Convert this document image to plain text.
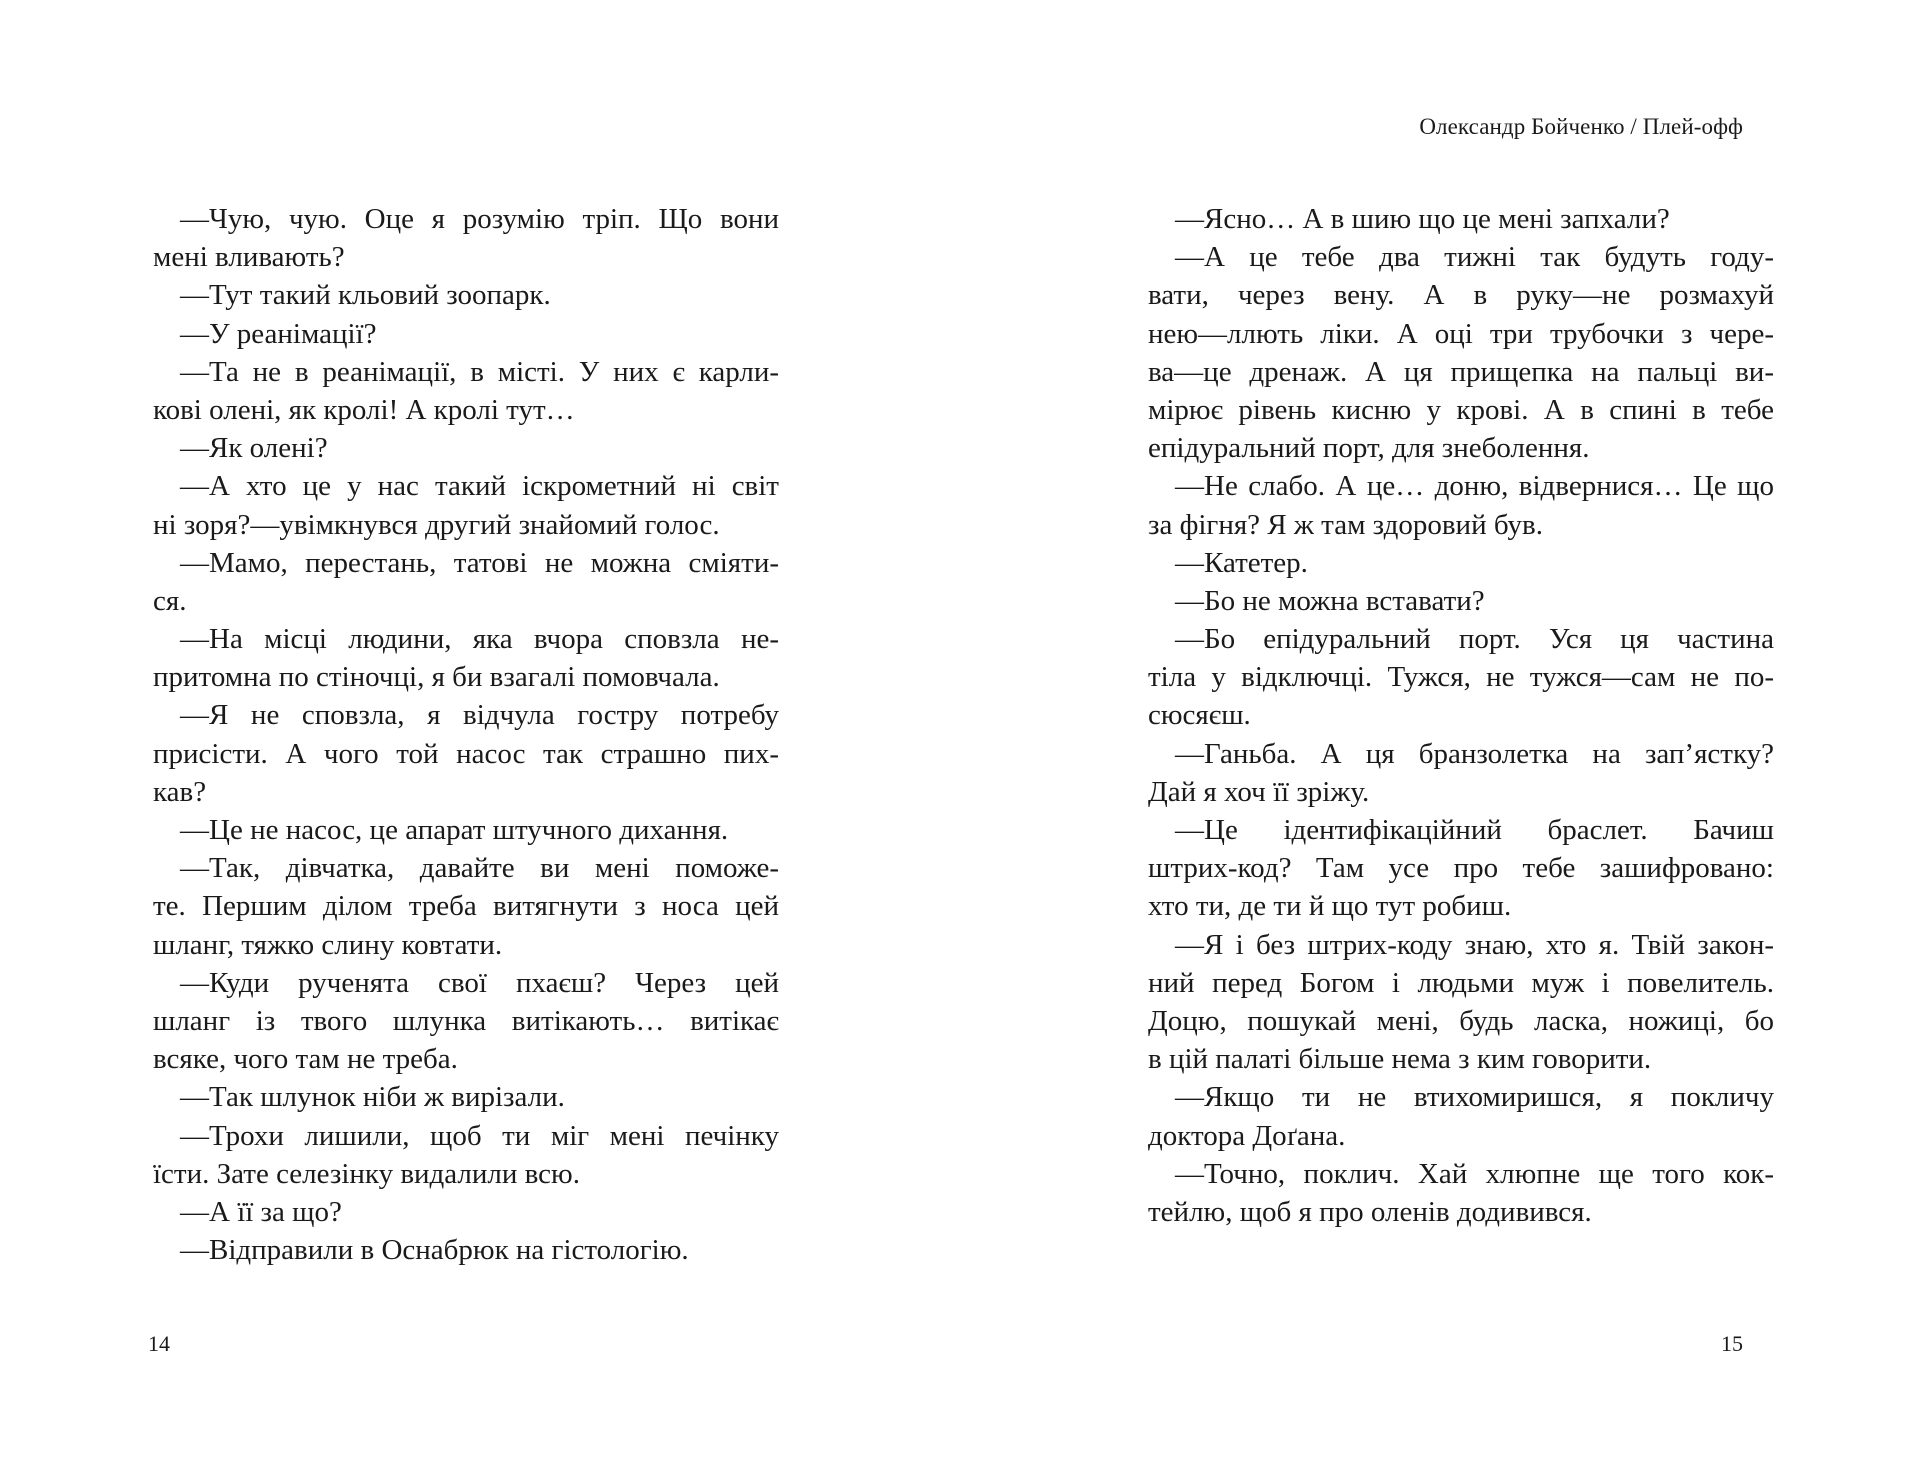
—Чую, чую. Оце я розумію тріп. Що вони
мені вливають?
—Тут такий кльовий зоопарк.
—У реанімації?
—Та не в реанімації, в місті. У них є карли-
кові олені, як кролі! А кролі тут…
—Як олені?
—А хто це у нас такий іскрометний ні світ
ні зоря?—увімкнувся другий знайомий голос.
—Мамо, перестань, татові не можна сміяти-
ся.
—На місці людини, яка вчора сповзла не-
притомна по стіночці, я би взагалі помовчала.
—Я не сповзла, я відчула гостру потребу
присісти. А чого той насос так страшно пих-
кав?
—Це не насос, це апарат штучного дихання.
—Так, дівчатка, давайте ви мені поможе-
те. Першим ділом треба витягнути з носа цей
шланг, тяжко слину ковтати.
—Куди рученята свої пхаєш? Через цей
шланг із твого шлунка витікають… витікає
всяке, чого там не треба.
—Так шлунок ніби ж вирізали.
—Трохи лишили, щоб ти міг мені печінку
їсти. Зате селезінку видалили всю.
—А її за що?
—Відправили в Оснабрюк на гістологію.
14
Олександр Бойченко / Плей-офф
—Ясно… А в шию що це мені запхали?
—А це тебе два тижні так будуть году-
вати, через вену. А в руку—не розмахуй
нею—ллють ліки. А оці три трубочки з чере-
ва—це дренаж. А ця прищепка на пальці ви-
мірює рівень кисню у крові. А в спині в тебе
епідуральний порт, для знеболення.
—Не слабо. А це… доню, відвернися… Це що
за фігня? Я ж там здоровий був.
—Катетер.
—Бо не можна вставати?
—Бо епідуральний порт. Уся ця частина
тіла у відключці. Тужся, не тужся—сам не по-
сюсяєш.
—Ганьба. А ця бранзолетка на зап’ястку?
Дай я хоч її зріжу.
—Це ідентифікаційний браслет. Бачиш
штрих-код? Там усе про тебе зашифровано:
хто ти, де ти й що тут робиш.
—Я і без штрих-коду знаю, хто я. Твій закон-
ний перед Богом і людьми муж і повелитель.
Доцю, пошукай мені, будь ласка, ножиці, бо
в цій палаті більше нема з ким говорити.
—Якщо ти не втихомиришся, я покличу
доктора Доґана.
—Точно, поклич. Хай хлюпне ще того кок-
тейлю, щоб я про оленів додивився.
15
